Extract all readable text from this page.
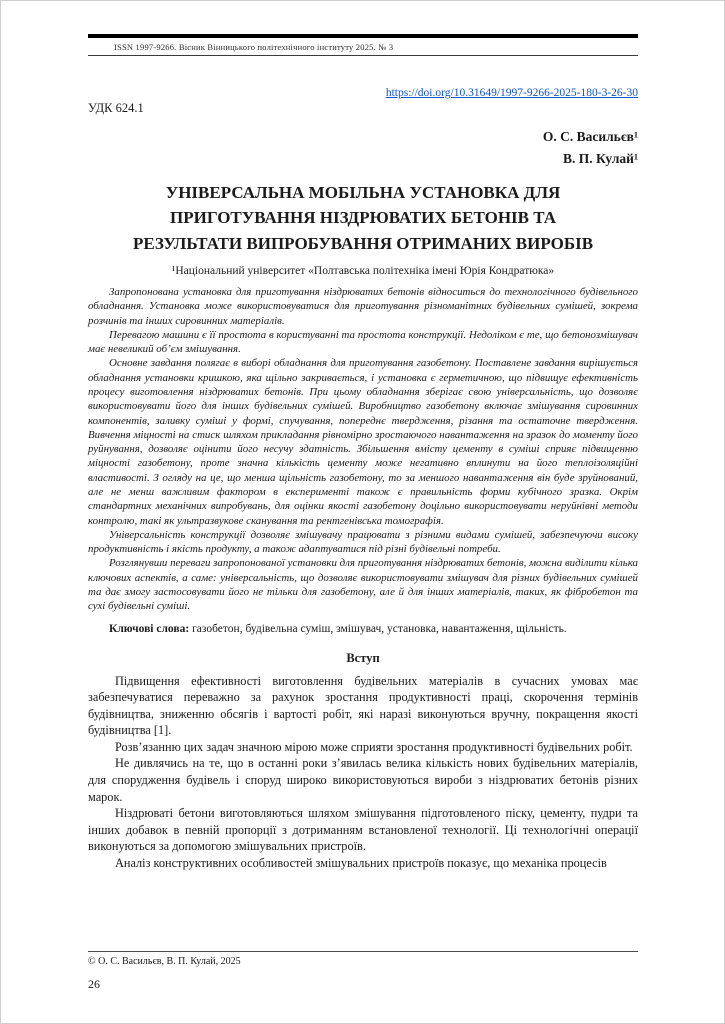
ISSN 1997-9266. Вісник Вінницького політехнічного інституту 2025. № 3
https://doi.org/10.31649/1997-9266-2025-180-3-26-30
УДК 624.1
О. С. Васильєв¹
В. П. Кулай¹
УНІВЕРСАЛЬНА МОБІЛЬНА УСТАНОВКА ДЛЯ
ПРИГОТУВАННЯ НІЗДРЮВАТИХ БЕТОНІВ ТА
РЕЗУЛЬТАТИ ВИПРОБУВАННЯ ОТРИМАНИХ ВИРОБІВ
¹Національний університет «Полтавська політехніка імені Юрія Кондратюка»

Запропонована установка для приготування ніздрюватих бетонів відноситься до технологічного будівельного обладнання. Установка може використовуватися для приготування різноманітних будівельних сумішей, зокрема розчинів та інших сировинних матеріалів.

Перевагою машини є її простота в користуванні та простота конструкції. Недоліком є те, що бетонозмішувач має невеликий об’єм змішування.

Основне завдання полягає в виборі обладнання для приготування газобетону. Поставлене завдання вирішується обладнання установки кришкою, яка щільно закривається, і установка є герметичною, що підвищує ефективність процесу виготовлення ніздрюватих бетонів. При цьому обладнання зберігає свою універсальність, що дозволяє використовувати його для інших будівельних сумішей. Виробництво газобетону включає змішування сировинних компонентів, заливку суміші у формі, спучування, попереднє твердження, різання та остаточне твердження. Вивчення міцності на стиск шляхом прикладання рівномірно зростаючого навантаження на зразок до моменту його руйнування, дозволяє оцінити його несучу здатність. Збільшення вмісту цементу в суміші сприяє підвищенню міцності газобетону, проте значна кількість цементу може негативно вплинути на його теплоізоляційні властивості. З огляду на це, що менша щільність газобетону, то за меншого навантаження він буде зруйнований, але не менш важливим фактором в експерименті також є правильність форми кубічного зразка. Окрім стандартних механічних випробувань, для оцінки якості газобетону доцільно використовувати неруйнівні методи контролю, такі як ультразвукове сканування та рентгенівська томографія.

Універсальність конструкції дозволяє змішувачу працювати з різними видами сумішей, забезпечуючи високу продуктивність і якість продукту, а також адаптуватися під різні будівельні потреби.

Розглянувши переваги запропонованої установки для приготування ніздрюватих бетонів, можна виділити кілька ключових аспектів, а саме: універсальність, що дозволяє використовувати змішувач для різних будівельних сумішей та дає змогу застосовувати його не тільки для газобетону, але й для інших матеріалів, таких, як фібробетон та сухі будівельні суміші.

Ключові слова: газобетон, будівельна суміш, змішувач, установка, навантаження, щільність.
Вступ

Підвищення ефективності виготовлення будівельних матеріалів в сучасних умовах має забезпечуватися переважно за рахунок зростання продуктивності праці, скорочення термінів будівництва, зниженню обсягів і вартості робіт, які наразі виконуються вручну, покращення якості будівництва [1].

Розв’язанню цих задач значною мірою може сприяти зростання продуктивності будівельних робіт.

Не дивлячись на те, що в останні роки з’явилась велика кількість нових будівельних матеріалів, для спорудження будівель і споруд широко використовуються вироби з ніздрюватих бетонів різних марок.

Ніздрюваті бетони виготовляються шляхом змішування підготовленого піску, цементу, пудри та інших добавок в певній пропорції з дотриманням встановленої технології. Ці технологічні операції виконуються за допомогою змішувальних пристроїв.

Аналіз конструктивних особливостей змішувальних пристроїв показує, що механіка процесів

© О. С. Васильєв, В. П. Кулай, 2025
26
